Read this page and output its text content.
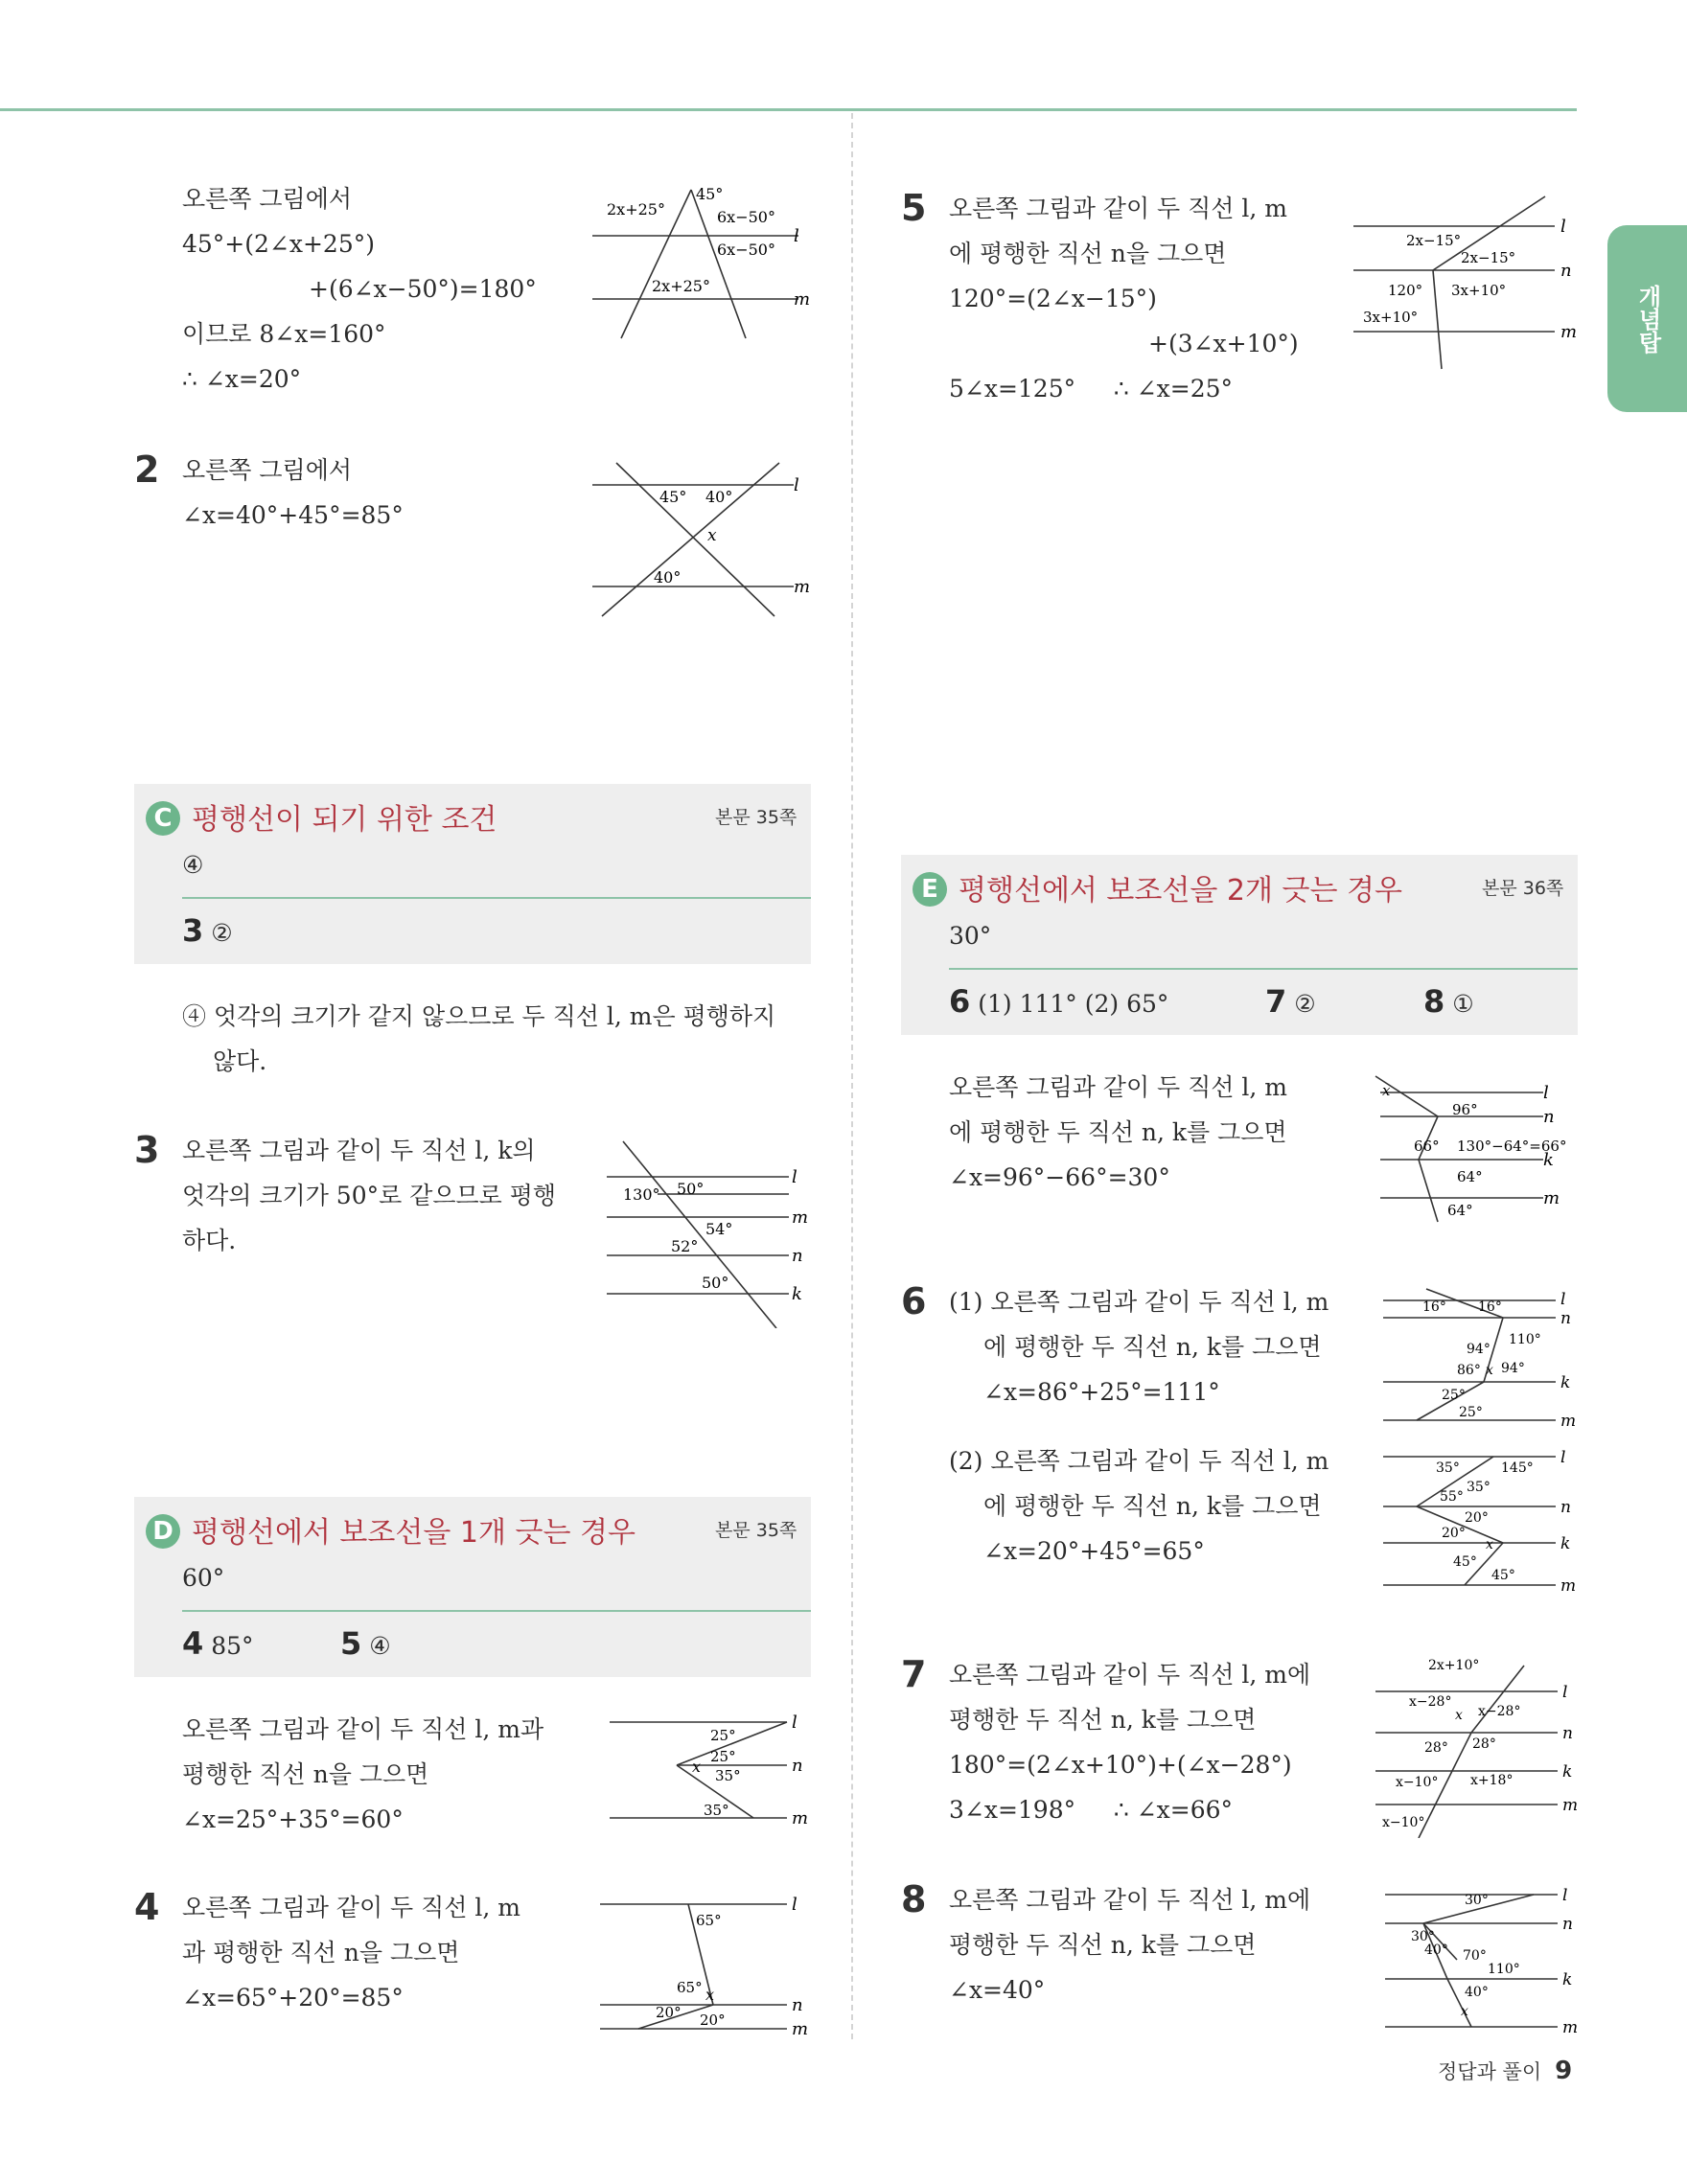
개념탑
오른쪽 그림에서
45°+(2∠x+25°)
+(6∠x−50°)=180°
이므로 8∠x=160°
∴ ∠x=20°
2 오른쪽 그림에서
∠x=40°+45°=85°
C 평행선이 되기 위한 조건	본문 35쪽
④
3 ②
④ 엇각의 크기가 같지 않으므로 두 직선 l, m은 평행하지
않다.
3 오른쪽 그림과 같이 두 직선 l, k의
엇각의 크기가 50°로 같으므로 평행
하다.
D 평행선에서 보조선을 1개 긋는 경우	본문 35쪽
60°
4 85°	5 ④
오른쪽 그림과 같이 두 직선 l, m과
평행한 직선 n을 그으면
∠x=25°+35°=60°
4 오른쪽 그림과 같이 두 직선 l, m
과 평행한 직선 n을 그으면
∠x=65°+20°=85°
5 오른쪽 그림과 같이 두 직선 l, m
에 평행한 직선 n을 그으면
120°=(2∠x−15°)
+(3∠x+10°)
5∠x=125°     ∴ ∠x=25°
E 평행선에서 보조선을 2개 긋는 경우	본문 36쪽
30°
6 (1) 111° (2) 65°	7 ②	8 ①
오른쪽 그림과 같이 두 직선 l, m
에 평행한 두 직선 n, k를 그으면
∠x=96°−66°=30°
6 (1) 오른쪽 그림과 같이 두 직선 l, m
에 평행한 두 직선 n, k를 그으면
∠x=86°+25°=111°
(2) 오른쪽 그림과 같이 두 직선 l, m
에 평행한 두 직선 n, k를 그으면
∠x=20°+45°=65°
7 오른쪽 그림과 같이 두 직선 l, m에
평행한 두 직선 n, k를 그으면
180°=(2∠x+10°)+(∠x−28°)
3∠x=198°     ∴ ∠x=66°
8 오른쪽 그림과 같이 두 직선 l, m에
평행한 두 직선 n, k를 그으면
∠x=40°
정답과 풀이 9
2x+25°
45°
6x−50°
6x−50°
2x+25°
l
m
45° 40°
x
40°
l
m
130° 50°
54°
52°
50°
l
m
n
k
25°
25°
x 35°
35°
l
n
m
65°
65° x
20° 20°
l
n
m
2x−15°
2x−15°
120° 3x+10°
3x+10°
l
n
m
x
96°
66° 130°−64°=66°
64°
64°
l
n
k
m
16° 16°
110°
94°
86° x 94°
25°
25°
l
n
k
m
35°	145°
35°
55°
20°
20°
x
45°
45°
l
n
k
m
2x+10°
x−28°
x x−28°
28° 28°
x−10° x+18°
x−10°
l
n
k
m
30°
30°
40° 70°
110°
40°
x
l
n
k
m
